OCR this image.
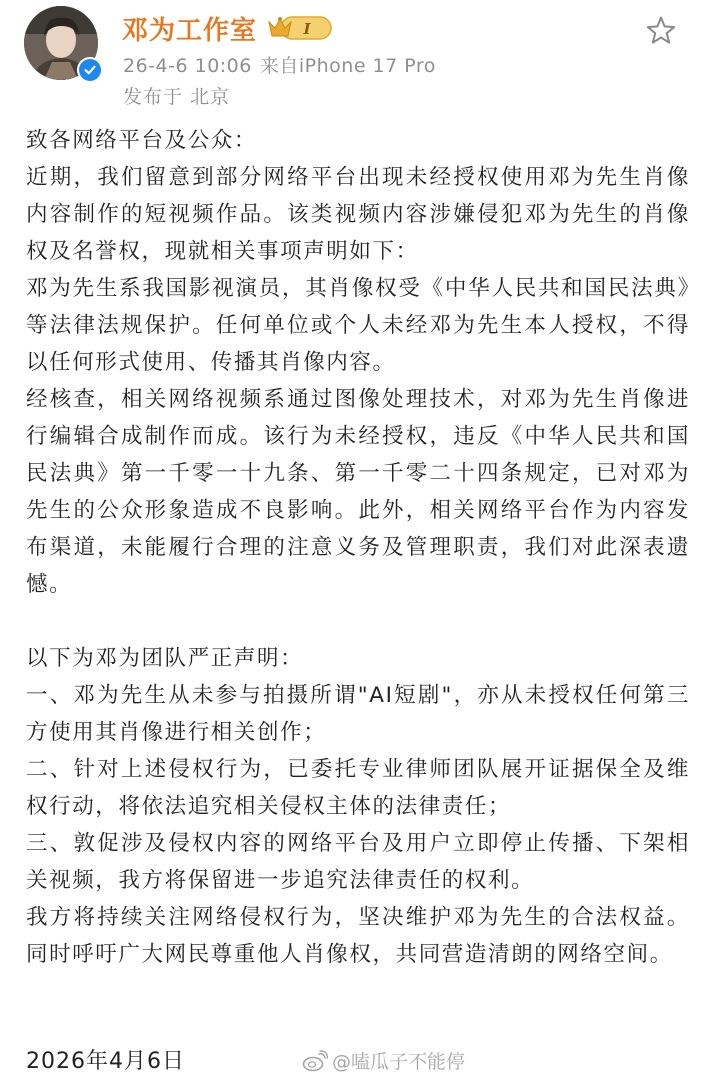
邓为工作室	I
26-4-6 10:06 来自iPhone 17 Pro
发布于 北京

致各网络平台及公众：

近期，我们留意到部分网络平台出现未经授权使用邓为先生肖像内容制作的短视频作品。该类视频内容涉嫌侵犯邓为先生的肖像权及名誉权，现就相关事项声明如下：

邓为先生系我国影视演员，其肖像权受《中华人民共和国民法典》等法律法规保护。任何单位或个人未经邓为先生本人授权，不得以任何形式使用、传播其肖像内容。

经核查，相关网络视频系通过图像处理技术，对邓为先生肖像进行编辑合成制作而成。该行为未经授权，违反《中华人民共和国民法典》第一千零一十九条、第一千零二十四条规定，已对邓为先生的公众形象造成不良影响。此外，相关网络平台作为内容发布渠道，未能履行合理的注意义务及管理职责，我们对此深表遗憾。

以下为邓为团队严正声明：

一、邓为先生从未参与拍摄所谓"AI短剧"，亦从未授权任何第三方使用其肖像进行相关创作；

二、针对上述侵权行为，已委托专业律师团队展开证据保全及维权行动，将依法追究相关侵权主体的法律责任；

三、敦促涉及侵权内容的网络平台及用户立即停止传播、下架相关视频，我方将保留进一步追究法律责任的权利。

我方将持续关注网络侵权行为，坚决维护邓为先生的合法权益。同时呼吁广大网民尊重他人肖像权，共同营造清朗的网络空间。

2026年4月6日	@嗑瓜子不能停
